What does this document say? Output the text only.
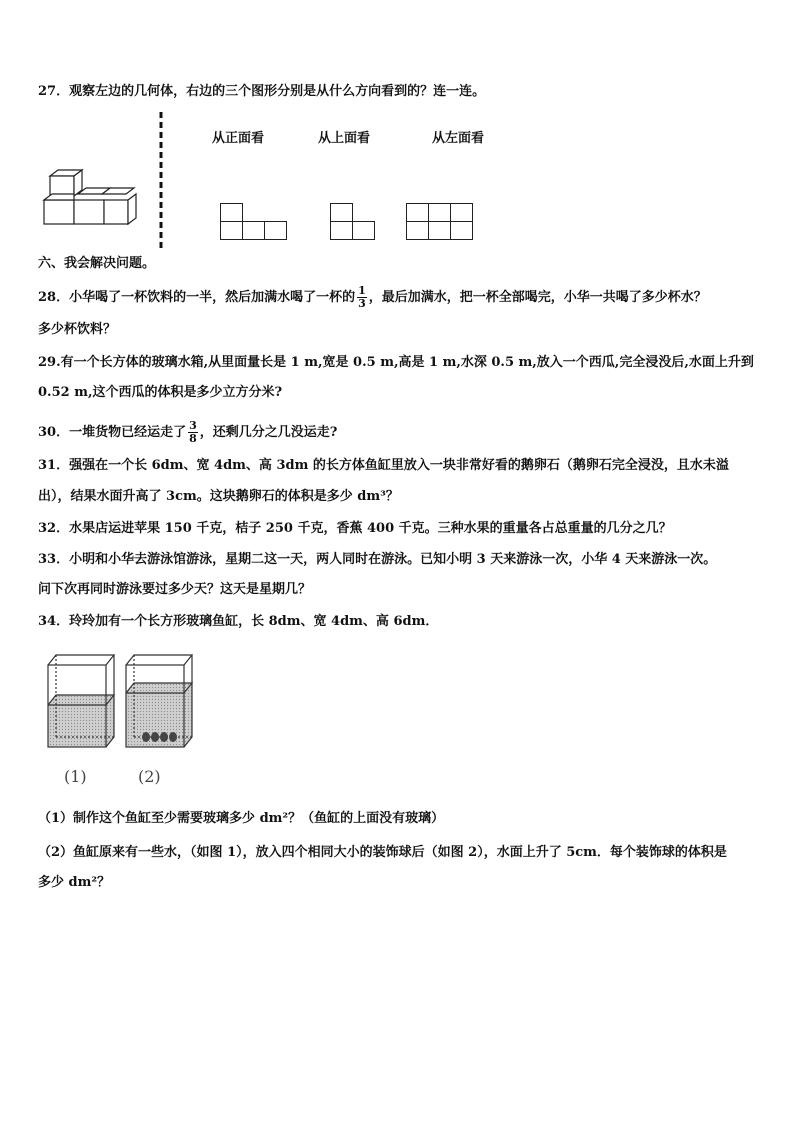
27．观察左边的几何体，右边的三个图形分别是从什么方向看到的？连一连。
从正面看	从上面看	从左面看
六、我会解决问题。
28．小华喝了一杯饮料的一半，然后加满水喝了一杯的 $\frac{1}{3}$ ，最后加满水，把一杯全部喝完，小华一共喝了多少杯水？
多少杯饮料？
29.有一个长方体的玻璃水箱,从里面量长是 1 m,宽是 0.5 m,高是 1 m,水深 0.5 m,放入一个西瓜,完全浸没后,水面上升到
0.52 m,这个西瓜的体积是多少立方分米?
30．一堆货物已经运走了 $\frac{3}{8}$ ，还剩几分之几没运走?
31．强强在一个长 6dm、宽 4dm、高 3dm 的长方体鱼缸里放入一块非常好看的鹅卵石（鹅卵石完全浸没，且水未溢
出），结果水面升高了 3cm。这块鹅卵石的体积是多少 dm³？
32．水果店运进苹果 150 千克，桔子 250 千克，香蕉 400 千克。三种水果的重量各占总重量的几分之几？
33．小明和小华去游泳馆游泳，星期二这一天，两人同时在游泳。已知小明 3 天来游泳一次，小华 4 天来游泳一次。
问下次再同时游泳要过多少天？这天是星期几？
34．玲玲加有一个长方形玻璃鱼缸，长 8dm、宽 4dm、高 6dm．
(1)	(2)
（1）制作这个鱼缸至少需要玻璃多少 dm²？（鱼缸的上面没有玻璃）
（2）鱼缸原来有一些水，（如图 1），放入四个相同大小的装饰球后（如图 2），水面上升了 5cm．每个装饰球的体积是
多少 dm²？
